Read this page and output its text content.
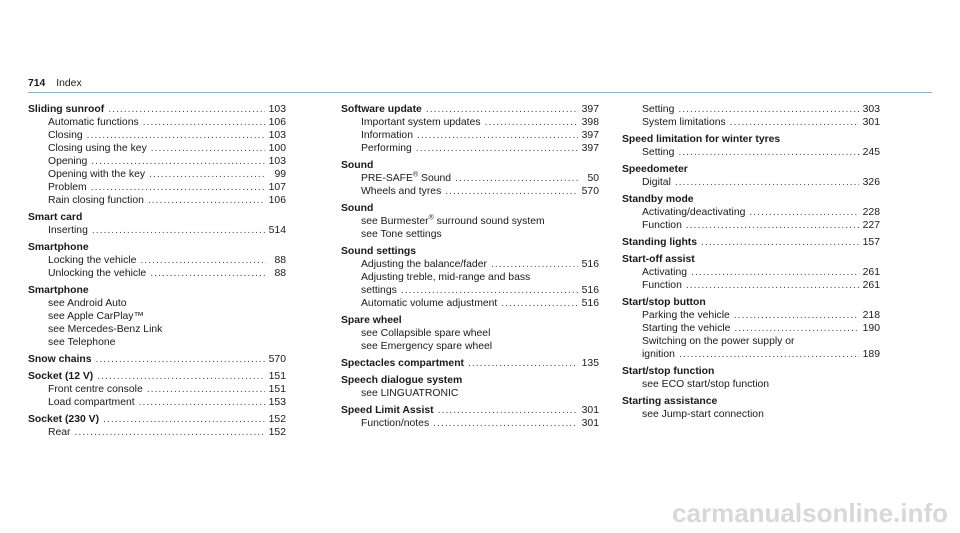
714 Index
Sliding sunroof .....	103
Automatic functions .....	106
Closing .....	103
Closing using the key .....	100
Opening .....	103
Opening with the key .....	99
Problem .....	107
Rain closing function .....	106
Smart card
Inserting .....	514
Smartphone
Locking the vehicle .....	88
Unlocking the vehicle .....	88
Smartphone
see Android Auto
see Apple CarPlay™
see Mercedes-Benz Link
see Telephone
Snow chains .....	570
Socket (12 V) .....	151
Front centre console .....	151
Load compartment .....	153
Socket (230 V) .....	152
Rear .....	152
Software update .....	397
Important system updates .....	398
Information .....	397
Performing .....	397
Sound
PRE-SAFE® Sound .....	50
Wheels and tyres .....	570
Sound
see Burmester® surround sound system
see Tone settings
Sound settings
Adjusting the balance/fader .....	516
Adjusting treble, mid-range and bass
settings .....	516
Automatic volume adjustment .....	516
Spare wheel
see Collapsible spare wheel
see Emergency spare wheel
Spectacles compartment .....	135
Speech dialogue system
see LINGUATRONIC
Speed Limit Assist .....	301
Function/notes .....	301
Setting .....	303
System limitations .....	301
Speed limitation for winter tyres
Setting .....	245
Speedometer
Digital .....	326
Standby mode
Activating/deactivating .....	228
Function .....	227
Standing lights .....	157
Start-off assist
Activating .....	261
Function .....	261
Start/stop button
Parking the vehicle .....	218
Starting the vehicle .....	190
Switching on the power supply or
ignition .....	189
Start/stop function
see ECO start/stop function
Starting assistance
see Jump-start connection
carmanualsonline.info
